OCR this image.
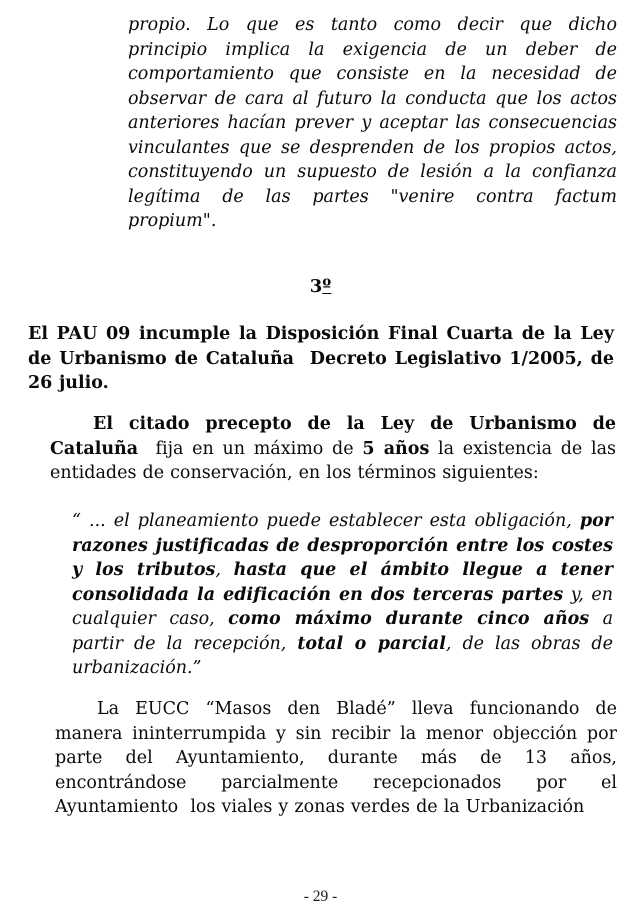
propio. Lo que es tanto como decir que dicho principio implica la exigencia de un deber de comportamiento que consiste en la necesidad de observar de cara al futuro la conducta que los actos anteriores hacían prever y aceptar las consecuencias vinculantes que se desprenden de los propios actos, constituyendo un supuesto de lesión a la confianza legítima de las partes "venire contra factum propium".

3º

El PAU 09 incumple la Disposición Final Cuarta de la Ley de Urbanismo de Cataluña  Decreto Legislativo 1/2005, de 26 julio.

El citado precepto de la Ley de Urbanismo de Cataluña  fija en un máximo de 5 años la existencia de las entidades de conservación, en los términos siguientes:

“ ... el planeamiento puede establecer esta obligación, por razones justificadas de desproporción entre los costes y los tributos, hasta que el ámbito llegue a tener consolidada la edificación en dos terceras partes y, en cualquier caso, como máximo durante cinco años a partir de la recepción, total o parcial, de las obras de urbanización.”

La EUCC “Masos den Bladé” lleva funcionando de manera ininterrumpida y sin recibir la menor objección por parte del Ayuntamiento, durante más de 13 años, encontrándose parcialmente recepcionados por el Ayuntamiento  los viales y zonas verdes de la Urbanización

- 29 -
